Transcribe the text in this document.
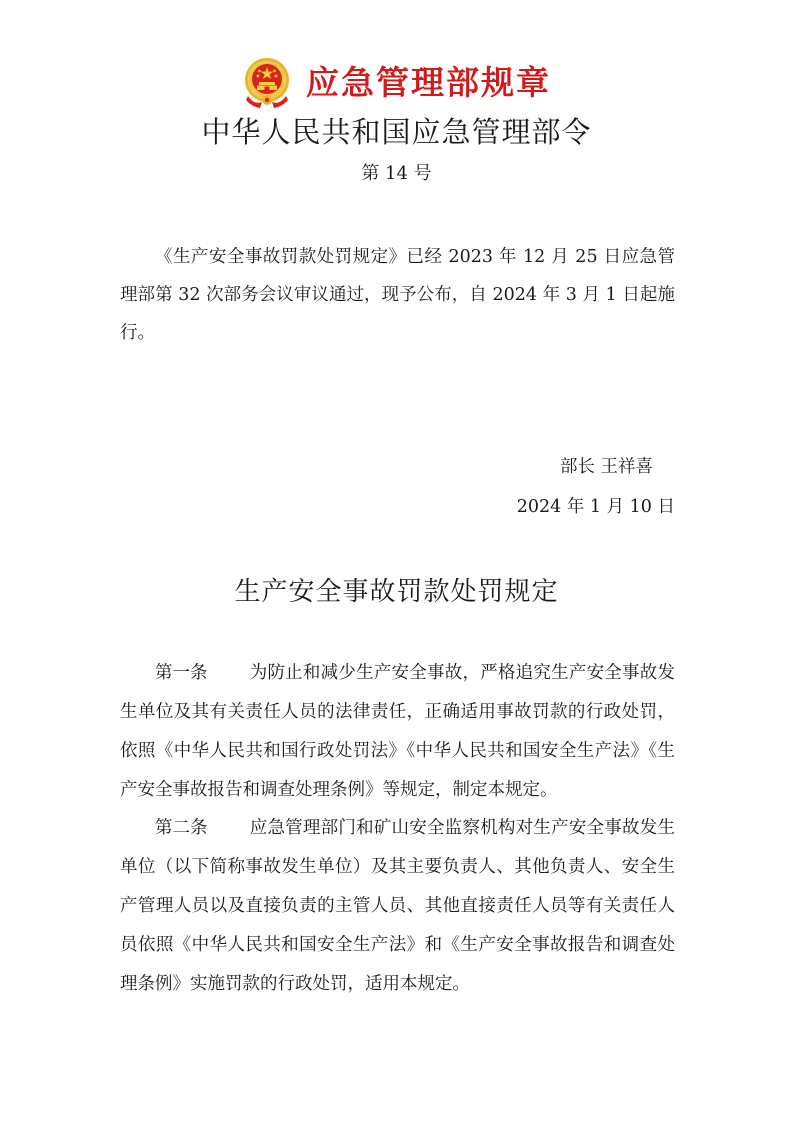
应急管理部规章
中华人民共和国应急管理部令
第 14 号

《生产安全事故罚款处罚规定》已经 2023 年 12 月 25 日应急管理部第 32 次部务会议审议通过，现予公布，自 2024 年 3 月 1 日起施行。

部长 王祥喜
2024 年 1 月 10 日
生产安全事故罚款处罚规定

第一条 为防止和减少生产安全事故，严格追究生产安全事故发生单位及其有关责任人员的法律责任，正确适用事故罚款的行政处罚，依照《中华人民共和国行政处罚法》《中华人民共和国安全生产法》《生产安全事故报告和调查处理条例》等规定，制定本规定。

第二条 应急管理部门和矿山安全监察机构对生产安全事故发生单位（以下简称事故发生单位）及其主要负责人、其他负责人、安全生产管理人员以及直接负责的主管人员、其他直接责任人员等有关责任人员依照《中华人民共和国安全生产法》和《生产安全事故报告和调查处理条例》实施罚款的行政处罚，适用本规定。
